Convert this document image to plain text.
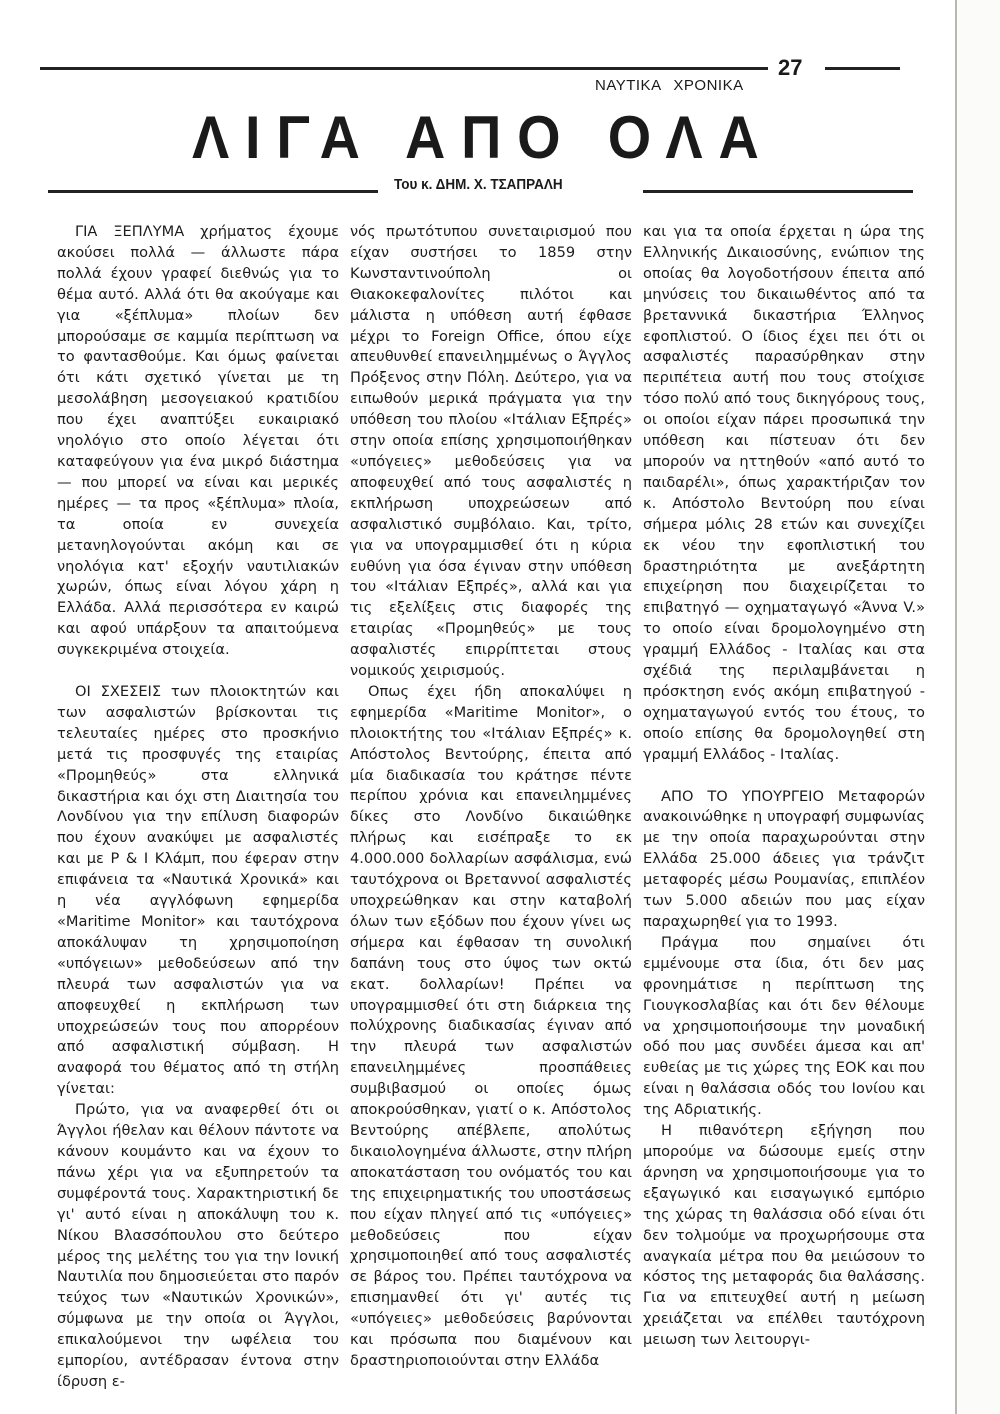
ΝΑΥΤΙΚΑ ΧΡΟΝΙΚΑ
27
ΛΙΓΑ ΑΠΟ ΟΛΑ
Του κ. ΔΗΜ. Χ. ΤΣΑΠΡΑΛΗ

ΓΙΑ ΞΕΠΛΥΜΑ χρήματος έχουμε ακούσει πολλά — άλλωστε πάρα πολλά έχουν γραφεί διεθνώς για το θέμα αυτό. Αλλά ότι θα ακούγαμε και για «ξέπλυμα» πλοίων δεν μπορούσαμε σε καμμία περίπτωση να το φαντασθούμε. Και όμως φαίνεται ότι κάτι σχετικό γίνεται με τη μεσολάβηση μεσογειακού κρατιδίου που έχει αναπτύξει ευκαιριακό νηολόγιο στο οποίο λέγεται ότι καταφεύγουν για ένα μικρό διάστημα — που μπορεί να είναι και μερικές ημέρες — τα προς «ξέπλυμα» πλοία, τα οποία εν συνεχεία μετανηλογούνται ακόμη και σε νηολόγια κατ' εξοχήν ναυτιλιακών χωρών, όπως είναι λόγου χάρη η Ελλάδα. Αλλά περισσότερα εν καιρώ και αφού υπάρξουν τα απαιτούμενα συγκεκριμένα στοιχεία.

ΟΙ ΣΧΕΣΕΙΣ των πλοιοκτητών και των ασφαλιστών βρίσκονται τις τελευταίες ημέρες στο προσκήνιο μετά τις προσφυγές της εταιρίας «Προμηθεύς» στα ελληνικά δικαστήρια και όχι στη Διαιτησία του Λονδίνου για την επίλυση διαφορών που έχουν ανακύψει με ασφαλιστές και με P & I Κλάμπ, που έφεραν στην επιφάνεια τα «Ναυτικά Χρονικά» και η νέα αγγλόφωνη εφημερίδα «Maritime Monitor» και ταυτόχρονα αποκάλυψαν τη χρησιμοποίηση «υπόγειων» μεθοδεύσεων από την πλευρά των ασφαλιστών για να αποφευχθεί η εκπλήρωση των υποχρεώσεών τους που απορρέουν από ασφαλιστική σύμβαση. Η αναφορά του θέματος από τη στήλη γίνεται:

Πρώτο, για να αναφερθεί ότι οι Άγγλοι ήθελαν και θέλουν πάντοτε να κάνουν κουμάντο και να έχουν το πάνω χέρι για να εξυπηρετούν τα συμφέροντά τους. Χαρακτηριστική δε γι' αυτό είναι η αποκάλυψη του κ. Νίκου Βλασσόπουλου στο δεύτερο μέρος της μελέτης του για την Ιονική Ναυτιλία που δημοσιεύεται στο παρόν τεύχος των «Ναυτικών Χρονικών», σύμφωνα με την οποία οι Άγγλοι, επικαλούμενοι την ωφέλεια του εμπορίου, αντέδρασαν έντονα στην ίδρυση ε-

νός πρωτότυπου συνεταιρισμού που είχαν συστήσει το 1859 στην Κωνσταντινούπολη οι Θιακοκεφαλονίτες πιλότοι και μάλιστα η υπόθεση αυτή έφθασε μέχρι το Foreign Office, όπου είχε απευθυνθεί επανειλημμένως ο Άγγλος Πρόξενος στην Πόλη. Δεύτερο, για να ειπωθούν μερικά πράγματα για την υπόθεση του πλοίου «Ιτάλιαν Εξπρές» στην οποία επίσης χρησιμοποιήθηκαν «υπόγειες» μεθοδεύσεις για να αποφευχθεί από τους ασφαλιστές η εκπλήρωση υποχρεώσεων από ασφαλιστικό συμβόλαιο. Και, τρίτο, για να υπογραμμισθεί ότι η κύρια ευθύνη για όσα έγιναν στην υπόθεση του «Ιτάλιαν Εξπρές», αλλά και για τις εξελίξεις στις διαφορές της εταιρίας «Προμηθεύς» με τους ασφαλιστές επιρρίπτεται στους νομικούς χειρισμούς.

Οπως έχει ήδη αποκαλύψει η εφημερίδα «Maritime Monitor», ο πλοιοκτήτης του «Ιτάλιαν Εξπρές» κ. Απόστολος Βεντούρης, έπειτα από μία διαδικασία του κράτησε πέντε περίπου χρόνια και επανειλημμένες δίκες στο Λονδίνο δικαιώθηκε πλήρως και εισέπραξε το εκ 4.000.000 δολλαρίων ασφάλισμα, ενώ ταυτόχρονα οι Βρεταννοί ασφαλιστές υποχρεώθηκαν και στην καταβολή όλων των εξόδων που έχουν γίνει ως σήμερα και έφθασαν τη συνολική δαπάνη τους στο ύψος των οκτώ εκατ. δολλαρίων! Πρέπει να υπογραμμισθεί ότι στη διάρκεια της πολύχρονης διαδικασίας έγιναν από την πλευρά των ασφαλιστών επανειλημμένες προσπάθειες συμβιβασμού οι οποίες όμως αποκρούσθηκαν, γιατί ο κ. Απόστολος Βεντούρης απέβλεπε, απολύτως δικαιολογημένα άλλωστε, στην πλήρη αποκατάσταση του ονόματός του και της επιχειρηματικής του υποστάσεως που είχαν πληγεί από τις «υπόγειες» μεθοδεύσεις που είχαν χρησιμοποιηθεί από τους ασφαλιστές σε βάρος του. Πρέπει ταυτόχρονα να επισημανθεί ότι γι' αυτές τις «υπόγειες» μεθοδεύσεις βαρύνονται και πρόσωπα που διαμένουν και δραστηριοποιούνται στην Ελλάδα

και για τα οποία έρχεται η ώρα της Ελληνικής Δικαιοσύνης, ενώπιον της οποίας θα λογοδοτήσουν έπειτα από μηνύσεις του δικαιωθέντος από τα βρεταννικά δικαστήρια Έλληνος εφοπλιστού. Ο ίδιος έχει πει ότι οι ασφαλιστές παρασύρθηκαν στην περιπέτεια αυτή που τους στοίχισε τόσο πολύ από τους δικηγόρους τους, οι οποίοι είχαν πάρει προσωπικά την υπόθεση και πίστευαν ότι δεν μπορούν να ηττηθούν «από αυτό το παιδαρέλι», όπως χαρακτήριζαν τον κ. Απόστολο Βεντούρη που είναι σήμερα μόλις 28 ετών και συνεχίζει εκ νέου την εφοπλιστική του δραστηριότητα με ανεξάρτητη επιχείρηση που διαχειρίζεται το επιβατηγό — οχηματαγωγό «Άννα V.» το οποίο είναι δρομολογημένο στη γραμμή Ελλάδος - Ιταλίας και στα σχέδιά της περιλαμβάνεται η πρόσκτηση ενός ακόμη επιβατηγού - οχηματαγωγού εντός του έτους, το οποίο επίσης θα δρομολογηθεί στη γραμμή Ελλάδος - Ιταλίας.

ΑΠΟ ΤΟ ΥΠΟΥΡΓΕΙΟ Μεταφορών ανακοινώθηκε η υπογραφή συμφωνίας με την οποία παραχωρούνται στην Ελλάδα 25.000 άδειες για τράνζιτ μεταφορές μέσω Ρουμανίας, επιπλέον των 5.000 αδειών που μας είχαν παραχωρηθεί για το 1993.

Πράγμα που σημαίνει ότι εμμένουμε στα ίδια, ότι δεν μας φρονημάτισε η περίπτωση της Γιουγκοσλαβίας και ότι δεν θέλουμε να χρησιμοποιήσουμε την μοναδική οδό που μας συνδέει άμεσα και απ' ευθείας με τις χώρες της ΕΟΚ και που είναι η θαλάσσια οδός του Ιονίου και της Αδριατικής.

Η πιθανότερη εξήγηση που μπορούμε να δώσουμε εμείς στην άρνηση να χρησιμοποιήσουμε για το εξαγωγικό και εισαγωγικό εμπόριο της χώρας τη θαλάσσια οδό είναι ότι δεν τολμούμε να προχωρήσουμε στα αναγκαία μέτρα που θα μειώσουν το κόστος της μεταφοράς δια θαλάσσης. Για να επιτευχθεί αυτή η μείωση χρειάζεται να επέλθει ταυτόχρονη μειωση των λειτουργι-
